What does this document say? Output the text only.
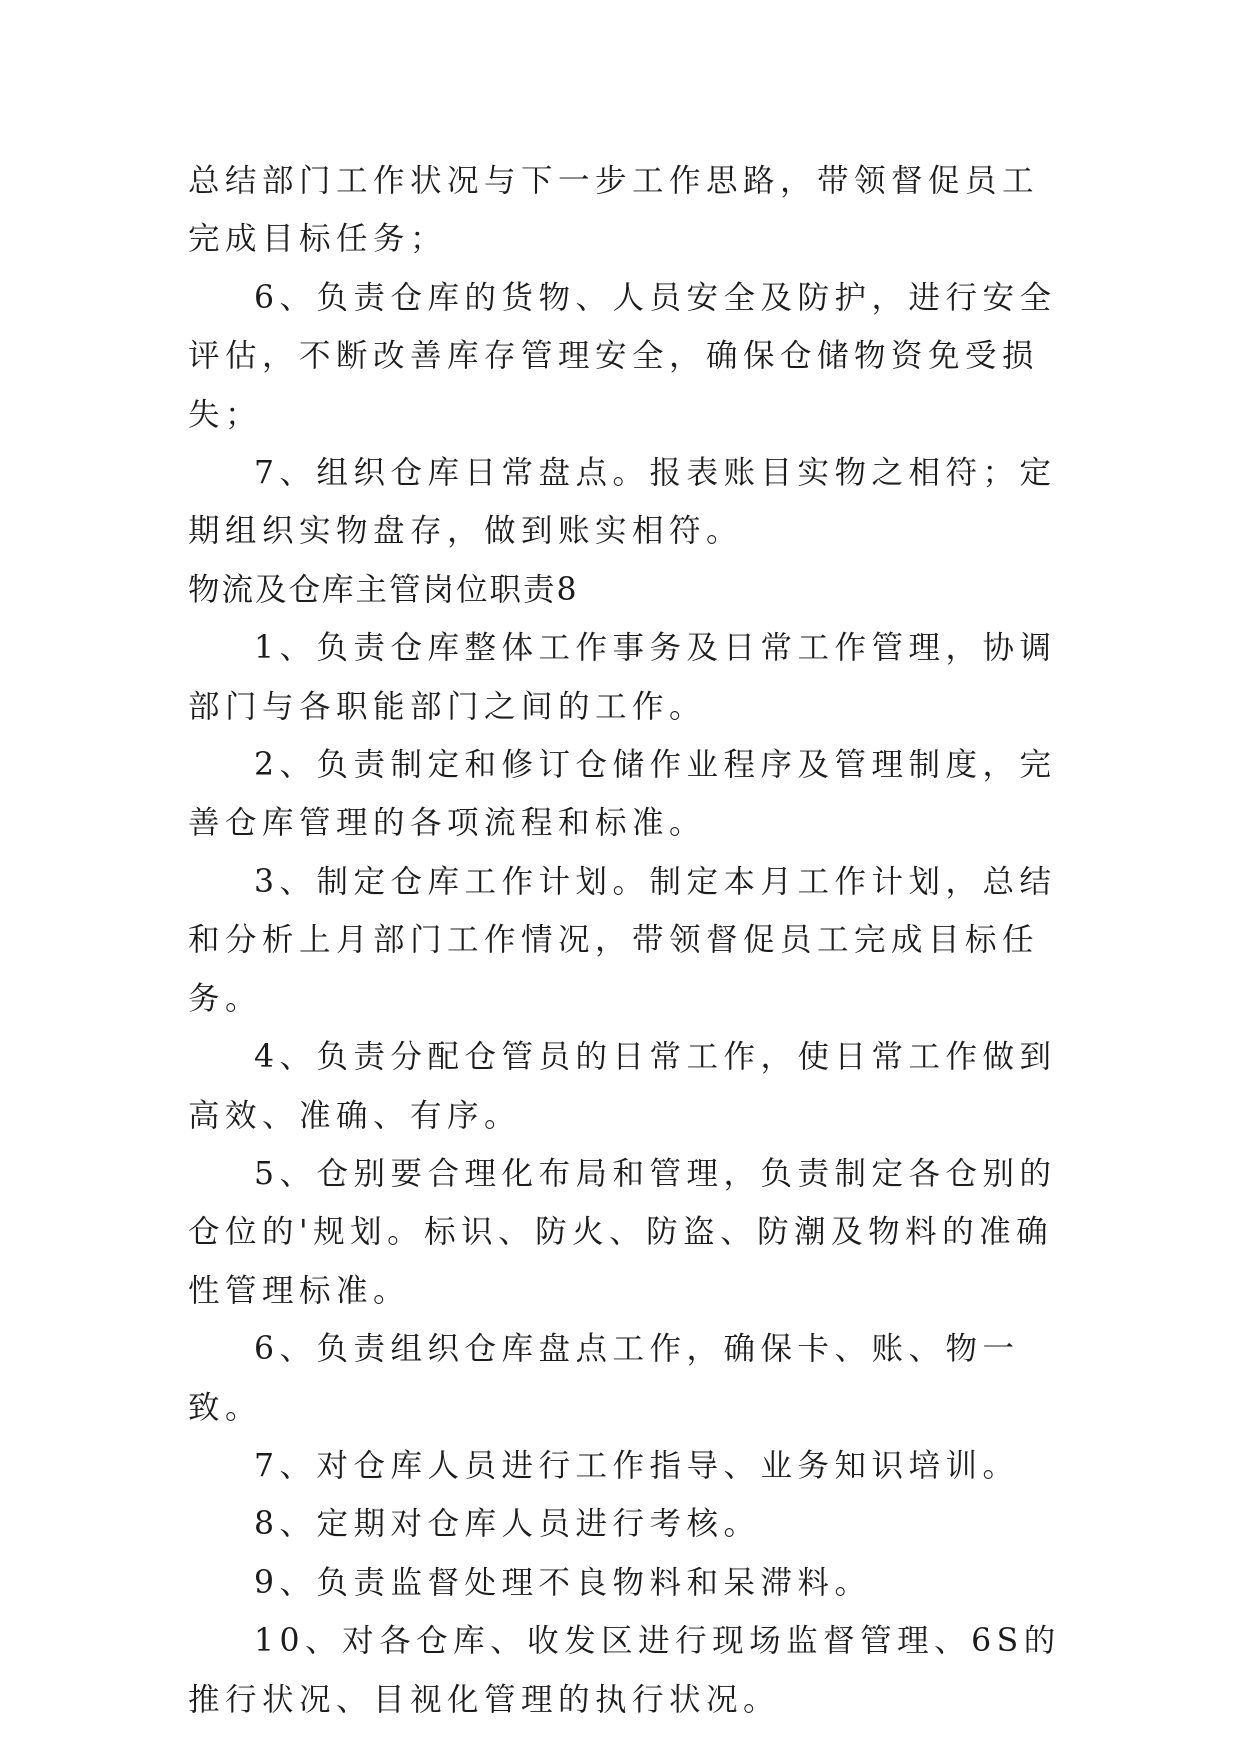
总结部门工作状况与下一步工作思路，带领督促员工完成目标任务；

6、负责仓库的货物、人员安全及防护，进行安全评估，不断改善库存管理安全，确保仓储物资免受损失；

7、组织仓库日常盘点。报表账目实物之相符；定期组织实物盘存，做到账实相符。

物流及仓库主管岗位职责8

1、负责仓库整体工作事务及日常工作管理，协调部门与各职能部门之间的工作。

2、负责制定和修订仓储作业程序及管理制度，完善仓库管理的各项流程和标准。

3、制定仓库工作计划。制定本月工作计划，总结和分析上月部门工作情况，带领督促员工完成目标任务。

4、负责分配仓管员的日常工作，使日常工作做到高效、准确、有序。

5、仓别要合理化布局和管理，负责制定各仓别的仓位的'规划。标识、防火、防盗、防潮及物料的准确性管理标准。

6、负责组织仓库盘点工作，确保卡、账、物一致。

7、对仓库人员进行工作指导、业务知识培训。

8、定期对仓库人员进行考核。

9、负责监督处理不良物料和呆滞料。

10、对各仓库、收发区进行现场监督管理、6S的推行状况、目视化管理的执行状况。
